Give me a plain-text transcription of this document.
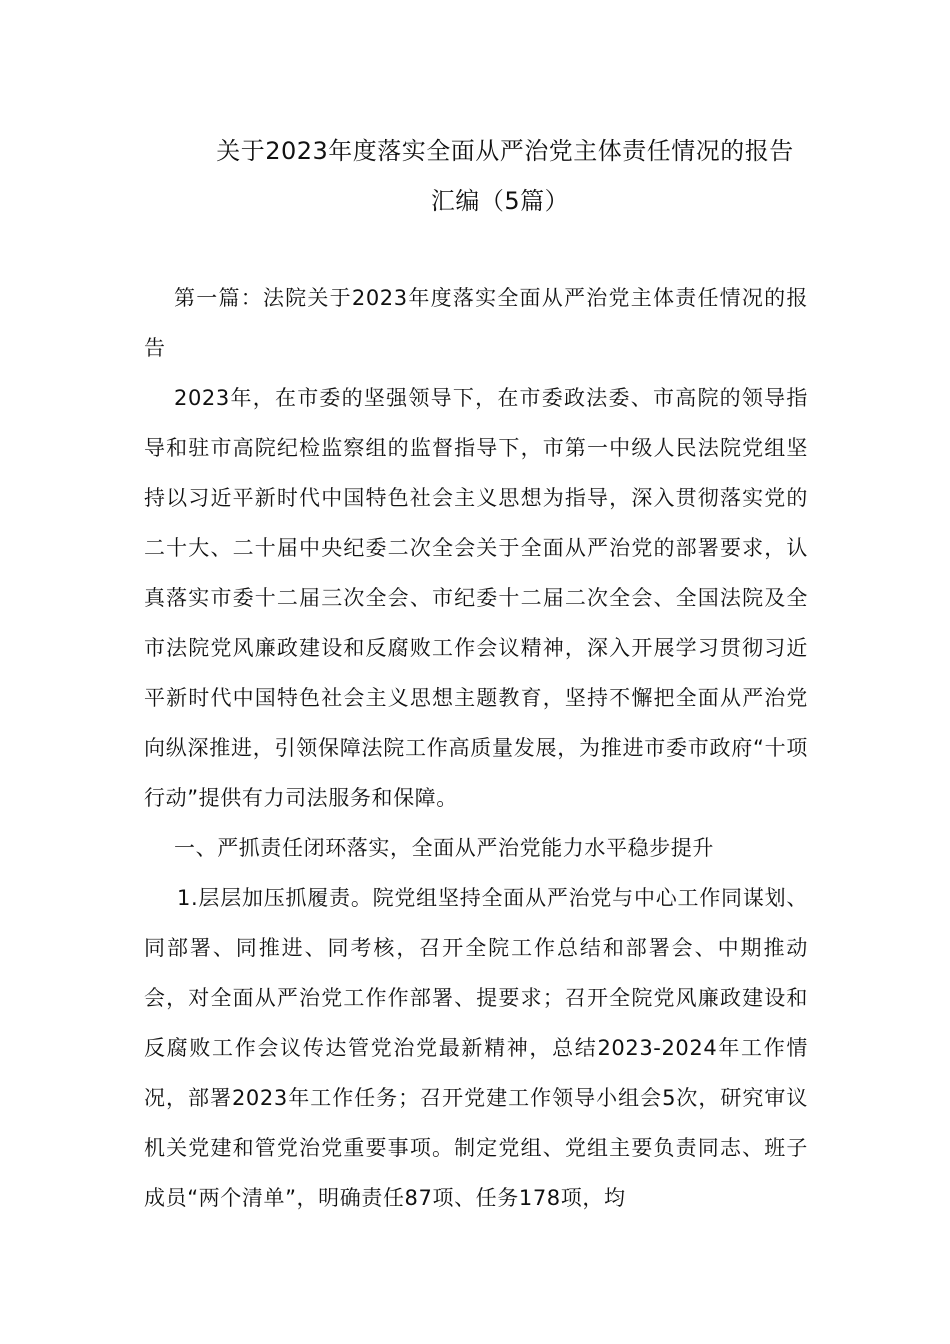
关于2023年度落实全面从严治党主体责任情况的报告
汇编（5篇）

第一篇：法院关于2023年度落实全面从严治党主体责任情况的报告

2023年，在市委的坚强领导下，在市委政法委、市高院的领导指导和驻市高院纪检监察组的监督指导下，市第一中级人民法院党组坚持以习近平新时代中国特色社会主义思想为指导，深入贯彻落实党的二十大、二十届中央纪委二次全会关于全面从严治党的部署要求，认真落实市委十二届三次全会、市纪委十二届二次全会、全国法院及全市法院党风廉政建设和反腐败工作会议精神，深入开展学习贯彻习近平新时代中国特色社会主义思想主题教育，坚持不懈把全面从严治党向纵深推进，引领保障法院工作高质量发展，为推进市委市政府“十项行动”提供有力司法服务和保障。

一、严抓责任闭环落实，全面从严治党能力水平稳步提升

1.层层加压抓履责。院党组坚持全面从严治党与中心工作同谋划、同部署、同推进、同考核，召开全院工作总结和部署会、中期推动会，对全面从严治党工作作部署、提要求；召开全院党风廉政建设和反腐败工作会议传达管党治党最新精神，总结2023-2024年工作情况，部署2023年工作任务；召开党建工作领导小组会5次，研究审议机关党建和管党治党重要事项。制定党组、党组主要负责同志、班子成员“两个清单”，明确责任87项、任务178项，均
